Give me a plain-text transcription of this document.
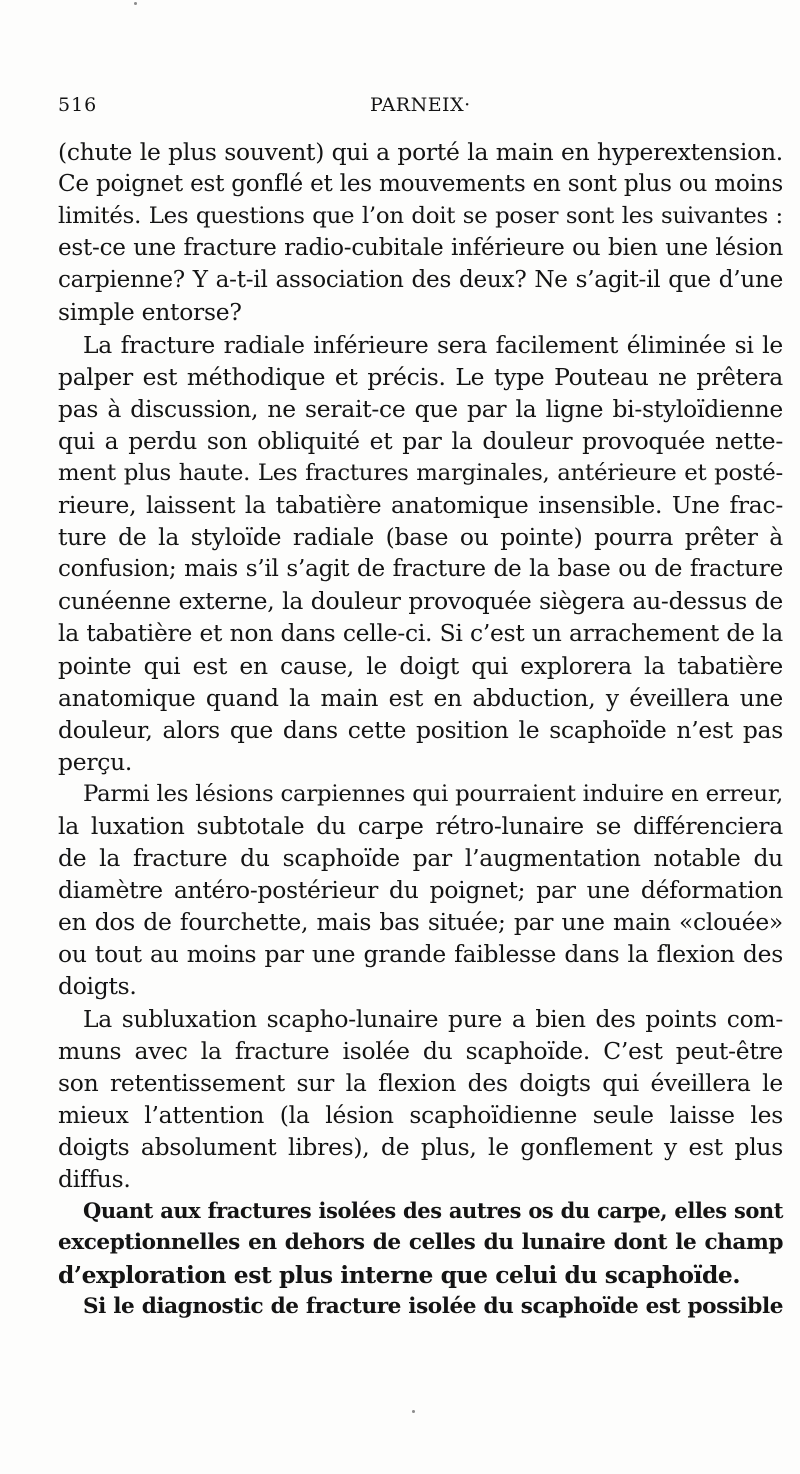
516	PARNEIX·
(chute le plus souvent) qui a porté la main en hyperextension.
Ce poignet est gonflé et les mouvements en sont plus ou moins
limités. Les questions que l’on doit se poser sont les suivantes :
est-ce une fracture radio-cubitale inférieure ou bien une lésion
carpienne? Y a-t-il association des deux? Ne s’agit-il que d’une
simple entorse?
La fracture radiale inférieure sera facilement éliminée si le
palper est méthodique et précis. Le type Pouteau ne prêtera
pas à discussion, ne serait-ce que par la ligne bi-styloïdienne
qui a perdu son obliquité et par la douleur provoquée nette-
ment plus haute. Les fractures marginales, antérieure et posté-
rieure, laissent la tabatière anatomique insensible. Une frac-
ture de la styloïde radiale (base ou pointe) pourra prêter à
confusion; mais s’il s’agit de fracture de la base ou de fracture
cunéenne externe, la douleur provoquée siègera au-dessus de
la tabatière et non dans celle-ci. Si c’est un arrachement de la
pointe qui est en cause, le doigt qui explorera la tabatière
anatomique quand la main est en abduction, y éveillera une
douleur, alors que dans cette position le scaphoïde n’est pas
perçu.
Parmi les lésions carpiennes qui pourraient induire en erreur,
la luxation subtotale du carpe rétro-lunaire se différenciera
de la fracture du scaphoïde par l’augmentation notable du
diamètre antéro-postérieur du poignet; par une déformation
en dos de fourchette, mais bas située; par une main «clouée»
ou tout au moins par une grande faiblesse dans la flexion des
doigts.
La subluxation scapho-lunaire pure a bien des points com-
muns avec la fracture isolée du scaphoïde. C’est peut-être
son retentissement sur la flexion des doigts qui éveillera le
mieux l’attention (la lésion scaphoïdienne seule laisse les
doigts absolument libres), de plus, le gonflement y est plus
diffus.
Quant aux fractures isolées des autres os du carpe, elles sont
exceptionnelles en dehors de celles du lunaire dont le champ
d’exploration est plus interne que celui du scaphoïde.
Si le diagnostic de fracture isolée du scaphoïde est possible
